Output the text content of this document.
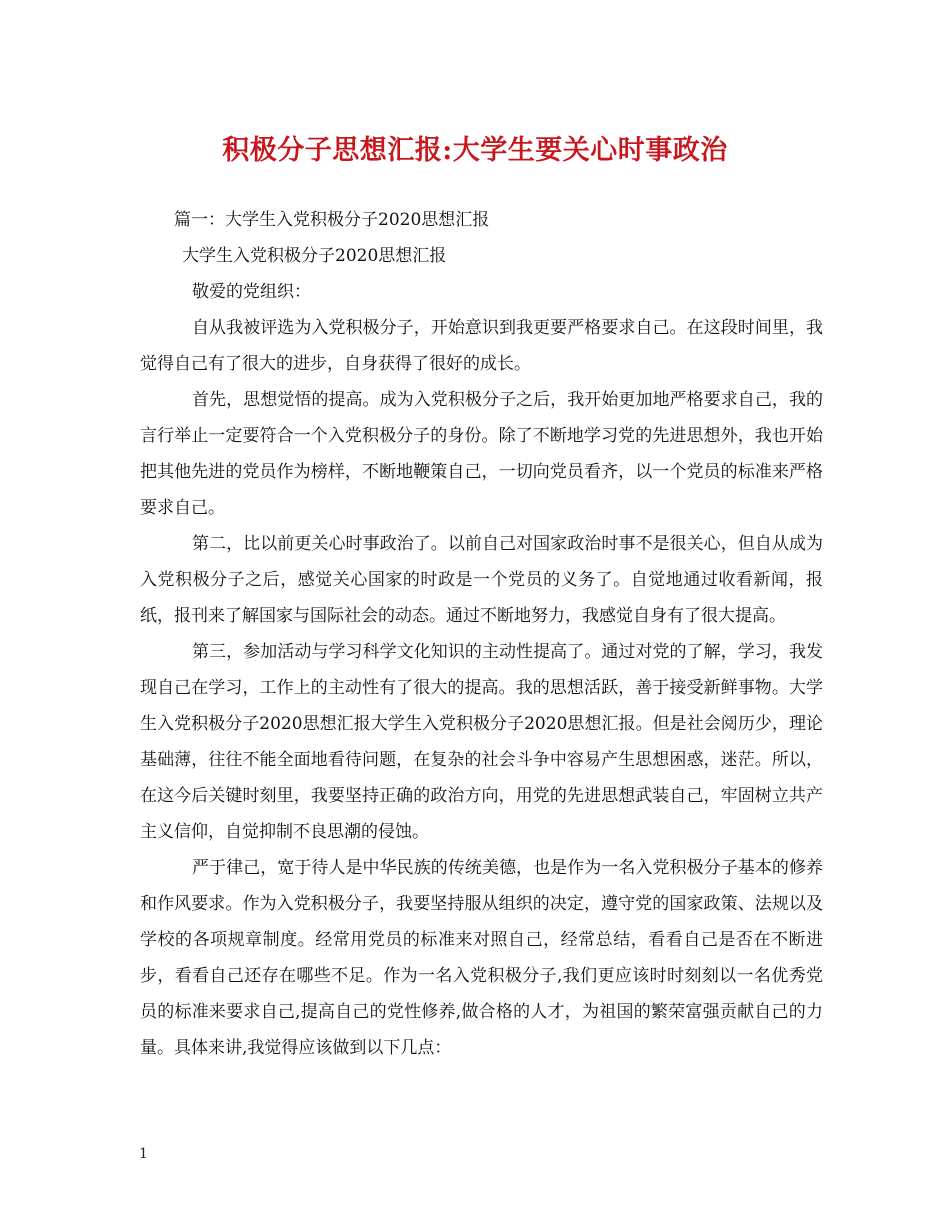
积极分子思想汇报:大学生要关心时事政治

篇一：大学生入党积极分子2020思想汇报

大学生入党积极分子2020思想汇报

敬爱的党组织：

自从我被评选为入党积极分子，开始意识到我更要严格要求自己。在这段时间里，我觉得自己有了很大的进步，自身获得了很好的成长。

首先，思想觉悟的提高。成为入党积极分子之后，我开始更加地严格要求自己，我的言行举止一定要符合一个入党积极分子的身份。除了不断地学习党的先进思想外，我也开始把其他先进的党员作为榜样，不断地鞭策自己，一切向党员看齐，以一个党员的标准来严格要求自己。

第二，比以前更关心时事政治了。以前自己对国家政治时事不是很关心，但自从成为入党积极分子之后，感觉关心国家的时政是一个党员的义务了。自觉地通过收看新闻，报纸，报刊来了解国家与国际社会的动态。通过不断地努力，我感觉自身有了很大提高。

第三，参加活动与学习科学文化知识的主动性提高了。通过对党的了解，学习，我发现自己在学习，工作上的主动性有了很大的提高。我的思想活跃，善于接受新鲜事物。大学生入党积极分子2020思想汇报大学生入党积极分子2020思想汇报。但是社会阅历少，理论基础薄，往往不能全面地看待问题，在复杂的社会斗争中容易产生思想困惑，迷茫。所以，在这今后关键时刻里，我要坚持正确的政治方向，用党的先进思想武装自己，牢固树立共产主义信仰，自觉抑制不良思潮的侵蚀。

严于律己，宽于待人是中华民族的传统美德，也是作为一名入党积极分子基本的修养和作风要求。作为入党积极分子，我要坚持服从组织的决定，遵守党的国家政策、法规以及学校的各项规章制度。经常用党员的标准来对照自己，经常总结，看看自己是否在不断进步，看看自己还存在哪些不足。作为一名入党积极分子,我们更应该时时刻刻以一名优秀党员的标准来要求自己,提高自己的党性修养,做合格的人才，为祖国的繁荣富强贡献自己的力量。具体来讲,我觉得应该做到以下几点：

1
